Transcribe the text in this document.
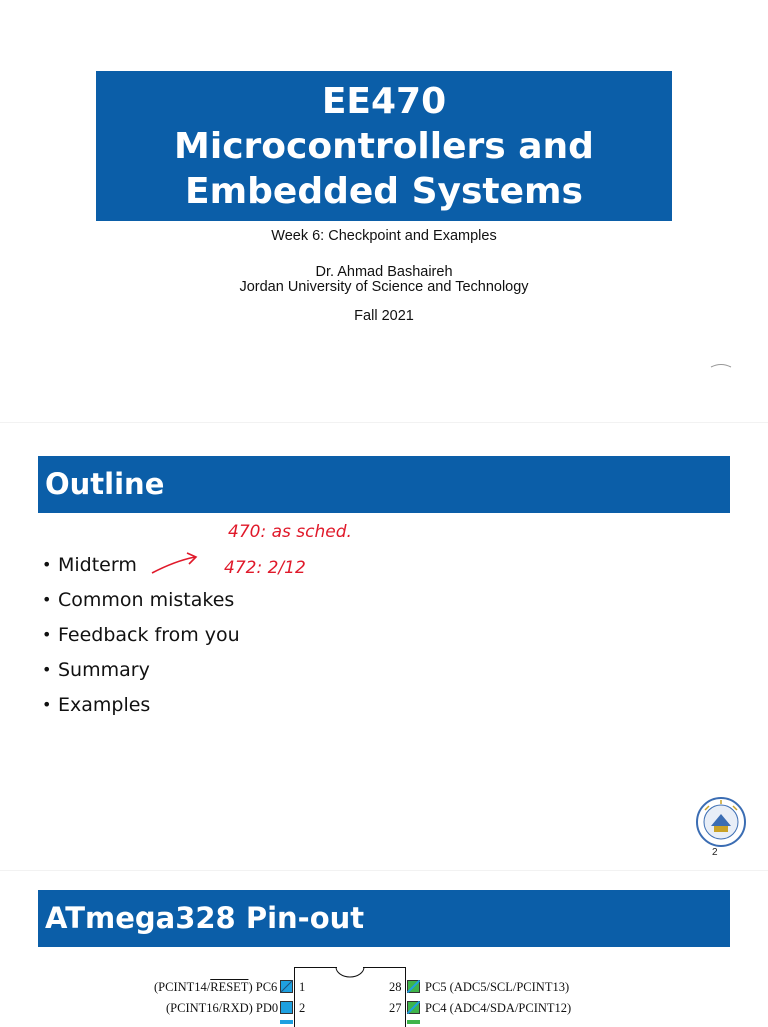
EE470
Microcontrollers and
Embedded Systems
Week 6: Checkpoint and Examples
Dr. Ahmad Bashaireh
Jordan University of Science and Technology
Fall 2021
Outline
• Midterm
• Common mistakes
• Feedback from you
• Summary
• Examples
470: as sched.
472: 2/12
2
ATmega328 Pin-out
(PCINT14/RESET) PC6 1	28 PC5 (ADC5/SCL/PCINT13)
(PCINT16/RXD) PD0 2	27 PC4 (ADC4/SDA/PCINT12)
